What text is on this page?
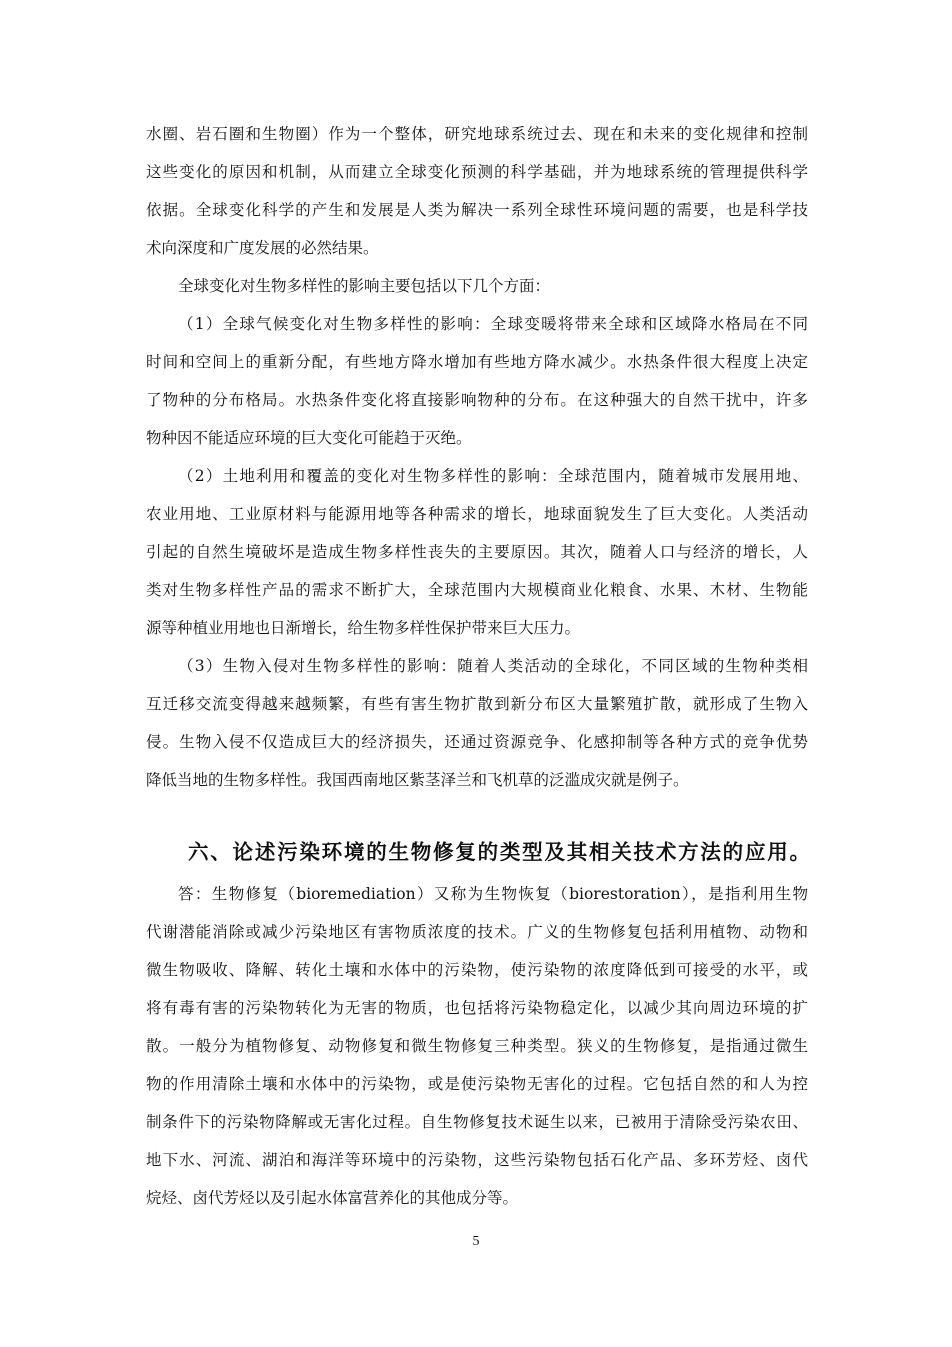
水圈、岩石圈和生物圈）作为一个整体，研究地球系统过去、现在和未来的变化规律和控制
这些变化的原因和机制，从而建立全球变化预测的科学基础，并为地球系统的管理提供科学
依据。全球变化科学的产生和发展是人类为解决一系列全球性环境问题的需要，也是科学技
术向深度和广度发展的必然结果。
全球变化对生物多样性的影响主要包括以下几个方面：
（1）全球气候变化对生物多样性的影响：全球变暖将带来全球和区域降水格局在不同
时间和空间上的重新分配，有些地方降水增加有些地方降水减少。水热条件很大程度上决定
了物种的分布格局。水热条件变化将直接影响物种的分布。在这种强大的自然干扰中，许多
物种因不能适应环境的巨大变化可能趋于灭绝。
（2）土地利用和覆盖的变化对生物多样性的影响：全球范围内，随着城市发展用地、
农业用地、工业原材料与能源用地等各种需求的增长，地球面貌发生了巨大变化。人类活动
引起的自然生境破坏是造成生物多样性丧失的主要原因。其次，随着人口与经济的增长，人
类对生物多样性产品的需求不断扩大，全球范围内大规模商业化粮食、水果、木材、生物能
源等种植业用地也日渐增长，给生物多样性保护带来巨大压力。
（3）生物入侵对生物多样性的影响：随着人类活动的全球化，不同区域的生物种类相
互迁移交流变得越来越频繁，有些有害生物扩散到新分布区大量繁殖扩散，就形成了生物入
侵。生物入侵不仅造成巨大的经济损失，还通过资源竞争、化感抑制等各种方式的竞争优势
降低当地的生物多样性。我国西南地区紫茎泽兰和飞机草的泛滥成灾就是例子。
六、论述污染环境的生物修复的类型及其相关技术方法的应用。
答：生物修复（bioremediation）又称为生物恢复（biorestoration），是指利用生物
代谢潜能消除或减少污染地区有害物质浓度的技术。广义的生物修复包括利用植物、动物和
微生物吸收、降解、转化土壤和水体中的污染物，使污染物的浓度降低到可接受的水平，或
将有毒有害的污染物转化为无害的物质，也包括将污染物稳定化，以减少其向周边环境的扩
散。一般分为植物修复、动物修复和微生物修复三种类型。狭义的生物修复，是指通过微生
物的作用清除土壤和水体中的污染物，或是使污染物无害化的过程。它包括自然的和人为控
制条件下的污染物降解或无害化过程。自生物修复技术诞生以来，已被用于清除受污染农田、
地下水、河流、湖泊和海洋等环境中的污染物，这些污染物包括石化产品、多环芳烃、卤代
烷烃、卤代芳烃以及引起水体富营养化的其他成分等。
5
